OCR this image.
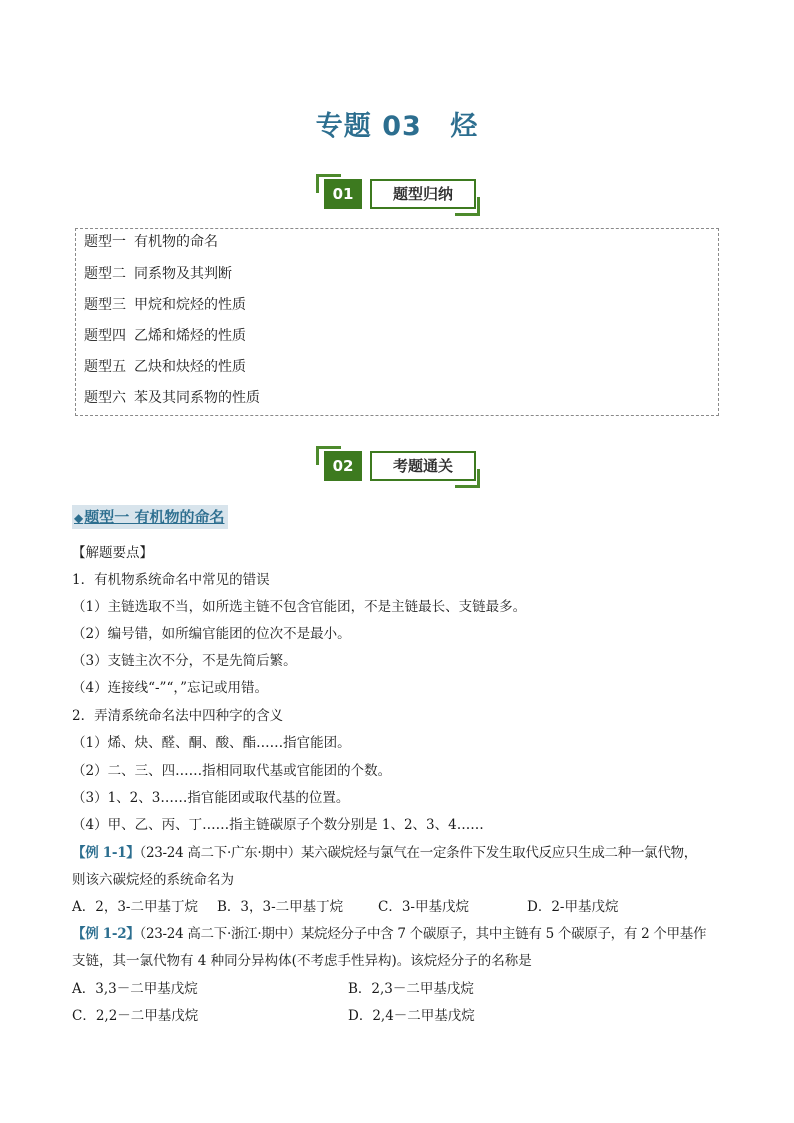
专题 03 烃
01	题型归纳
题型一 有机物的命名
题型二 同系物及其判断
题型三 甲烷和烷烃的性质
题型四 乙烯和烯烃的性质
题型五 乙炔和炔烃的性质
题型六 苯及其同系物的性质
02	考题通关
◆题型一 有机物的命名
【解题要点】
1．有机物系统命名中常见的错误
（1）主链选取不当，如所选主链不包含官能团，不是主链最长、支链最多。
（2）编号错，如所编官能团的位次不是最小。
（3）支链主次不分，不是先简后繁。
（4）连接线“-”“，”忘记或用错。
2．弄清系统命名法中四种字的含义
（1）烯、炔、醛、酮、酸、酯……指官能团。
（2）二、三、四……指相同取代基或官能团的个数。
（3）1、2、3……指官能团或取代基的位置。
（4）甲、乙、丙、丁……指主链碳原子个数分别是 1、2、3、4……
【例 1-1】（23-24 高二下·广东·期中）某六碳烷烃与氯气在一定条件下发生取代反应只生成二种一氯代物，
则该六碳烷烃的系统命名为
A．2，3-二甲基丁烷 B．3，3-二甲基丁烷	C．3-甲基戊烷	D．2-甲基戊烷
【例 1-2】（23-24 高二下·浙江·期中）某烷烃分子中含 7 个碳原子，其中主链有 5 个碳原子，有 2 个甲基作
支链，其一氯代物有 4 种同分异构体(不考虑手性异构)。该烷烃分子的名称是
A．3,3－二甲基戊烷	B．2,3－二甲基戊烷
C．2,2－二甲基戊烷	D．2,4－二甲基戊烷
